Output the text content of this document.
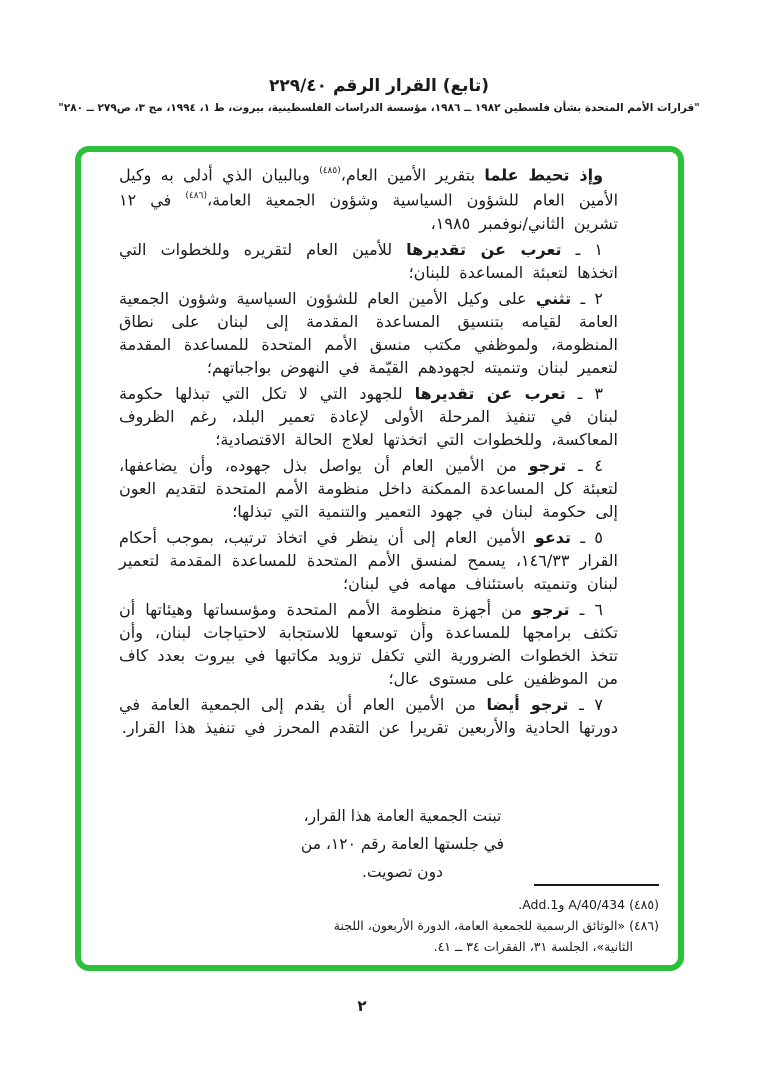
(تابع) القرار الرقم ٢٢٩/٤٠
"قرارات الأمم المتحدة بشأن فلسطين ١٩٨٢ ــ ١٩٨٦، مؤسسة الدراسات الفلسطينية، بيروت، ط ١، ١٩٩٤، مج ٣، ص٢٧٩ ــ ٢٨٠"

وإذ تحيط علما بتقرير الأمين العام،$^{(٤٨٥)}$ وبالبيان الذي أدلى به وكيل الأمين العام للشؤون السياسية وشؤون الجمعية العامة،$^{(٤٨٦)}$ في ١٢ تشرين الثاني/نوفمبر ١٩٨٥،

١ ـ تعرب عن تقديرها للأمين العام لتقريره وللخطوات التي اتخذها لتعبئة المساعدة للبنان؛

٢ ـ تثني على وكيل الأمين العام للشؤون السياسية وشؤون الجمعية العامة لقيامه بتنسيق المساعدة المقدمة إلى لبنان على نطاق المنظومة، ولموظفي مكتب منسق الأمم المتحدة للمساعدة المقدمة لتعمير لبنان وتنميته لجهودهم القيّمة في النهوض بواجباتهم؛

٣ ـ تعرب عن تقديرها للجهود التي لا تكل التي تبذلها حكومة لبنان في تنفيذ المرحلة الأولى لإعادة تعمير البلد، رغم الظروف المعاكسة، وللخطوات التي اتخذتها لعلاج الحالة الاقتصادية؛

٤ ـ ترجو من الأمين العام أن يواصل بذل جهوده، وأن يضاعفها، لتعبئة كل المساعدة الممكنة داخل منظومة الأمم المتحدة لتقديم العون إلى حكومة لبنان في جهود التعمير والتنمية التي تبذلها؛

٥ ـ تدعو الأمين العام إلى أن ينظر في اتخاذ ترتيب، بموجب أحكام القرار ١٤٦/٣٣، يسمح لمنسق الأمم المتحدة للمساعدة المقدمة لتعمير لبنان وتنميته باستئناف مهامه في لبنان؛

٦ ـ ترجو من أجهزة منظومة الأمم المتحدة ومؤسساتها وهيئاتها أن تكثف برامجها للمساعدة وأن توسعها للاستجابة لاحتياجات لبنان، وأن تتخذ الخطوات الضرورية التي تكفل تزويد مكاتبها في بيروت بعدد كاف من الموظفين على مستوى عال؛

٧ ـ ترجو أيضا من الأمين العام أن يقدم إلى الجمعية العامة في دورتها الحادية والأربعين تقريرا عن التقدم المحرز في تنفيذ هذا القرار.

تبنت الجمعية العامة هذا القرار،
في جلستها العامة رقم ١٢٠، من
دون تصويت.

(٤٨٥) A/40/434 وAdd.1.

(٤٨٦) «الوثائق الرسمية للجمعية العامة، الدورة الأربعون، اللجنة الثانية»، الجلسة ٣١، الفقرات ٣٤ ــ ٤١.

٢
